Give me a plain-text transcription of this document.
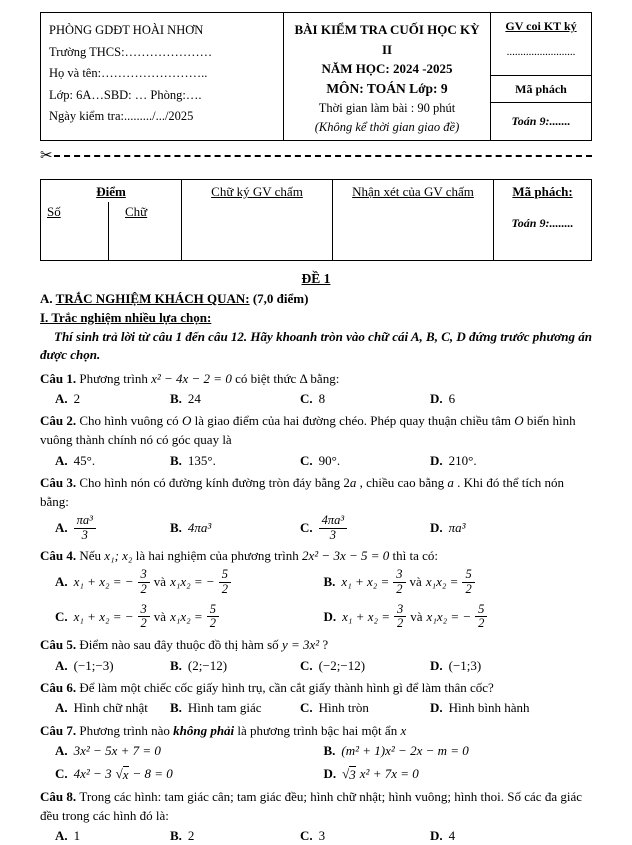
PHÒNG GDĐT HOÀI NHƠN
Trường THCS:…………………
Họ và tên:……………………..
Lớp: 6A…SBD: … Phòng:….
Ngày kiểm tra:........./.../2025
BÀI KIỂM TRA CUỐI HỌC KỲ II
NĂM HỌC: 2024 -2025
MÔN: TOÁN Lớp: 9
Thời gian làm bài : 90 phút
(Không kể thời gian giao đề)
GV coi KT ký
.........................
Mã phách
Toán 9:.......
✂
Điểm
Số	Chữ
Chữ ký GV chấm	Nhận xét của GV chấm	Mã phách:
Toán 9:........
ĐỀ 1
A. TRẮC NGHIỆM KHÁCH QUAN: (7,0 điểm)
I. Trắc nghiệm nhiều lựa chọn:
Thí sinh trả lời từ câu 1 đến câu 12. Hãy khoanh tròn vào chữ cái A, B, C, D đứng trước phương án được chọn.
Câu 1. Phương trình x² − 4x − 2 = 0 có biệt thức Δ bằng:
A. 2	B. 24	C. 8	D. 6
Câu 2. Cho hình vuông có O là giao điểm của hai đường chéo. Phép quay thuận chiều tâm O biến hình vuông thành chính nó có góc quay là
A. 45°.	B. 135°.	C. 90°.	D. 210°.
Câu 3. Cho hình nón có đường kính đường tròn đáy bằng 2a , chiều cao bằng a . Khi đó thể tích nón bằng:
A. $\frac{\text{πa³}}{3}$	B. 4πa³	C. $\frac{\text{4πa³}}{3}$	D. πa³
Câu 4. Nếu x₁; x₂ là hai nghiệm của phương trình 2x² − 3x − 5 = 0 thì ta có:
A. x₁ + x₂ = − $\frac{3}{2}$ và x₁x₂ = − $\frac{5}{2}$	B. $x_1 + x_2 = \frac{3}{2}$ và $x_1x_2 = \frac{5}{2}$
C. x₁ + x₂ = − $\frac{3}{2}$ và $x_1x_2 = \frac{5}{2}$	D. $x_1 + x_2 = \frac{3}{2}$ và x₁x₂ = − $\frac{5}{2}$
Câu 5. Điểm nào sau đây thuộc đồ thị hàm số y = 3x² ?
A. (−1;−3)	B. (2;−12)	C. (−2;−12)	D. (−1;3)
Câu 6. Để làm một chiếc cốc giấy hình trụ, cần cắt giấy thành hình gì để làm thân cốc?
A. Hình chữ nhật B. Hình tam giác	C. Hình tròn	D. Hình bình hành
Câu 7. Phương trình nào không phải là phương trình bậc hai một ẩn x
A. 3x² − 5x + 7 = 0	B. (m² + 1)x² − 2x − m = 0
C. 4x² − 3 √ x − 8 = 0	D. √ 3 x² + 7x = 0
Câu 8. Trong các hình: tam giác cân; tam giác đều; hình chữ nhật; hình vuông; hình thoi. Số các đa giác đều trong các hình đó là:
A. 1	B. 2	C. 3	D. 4
